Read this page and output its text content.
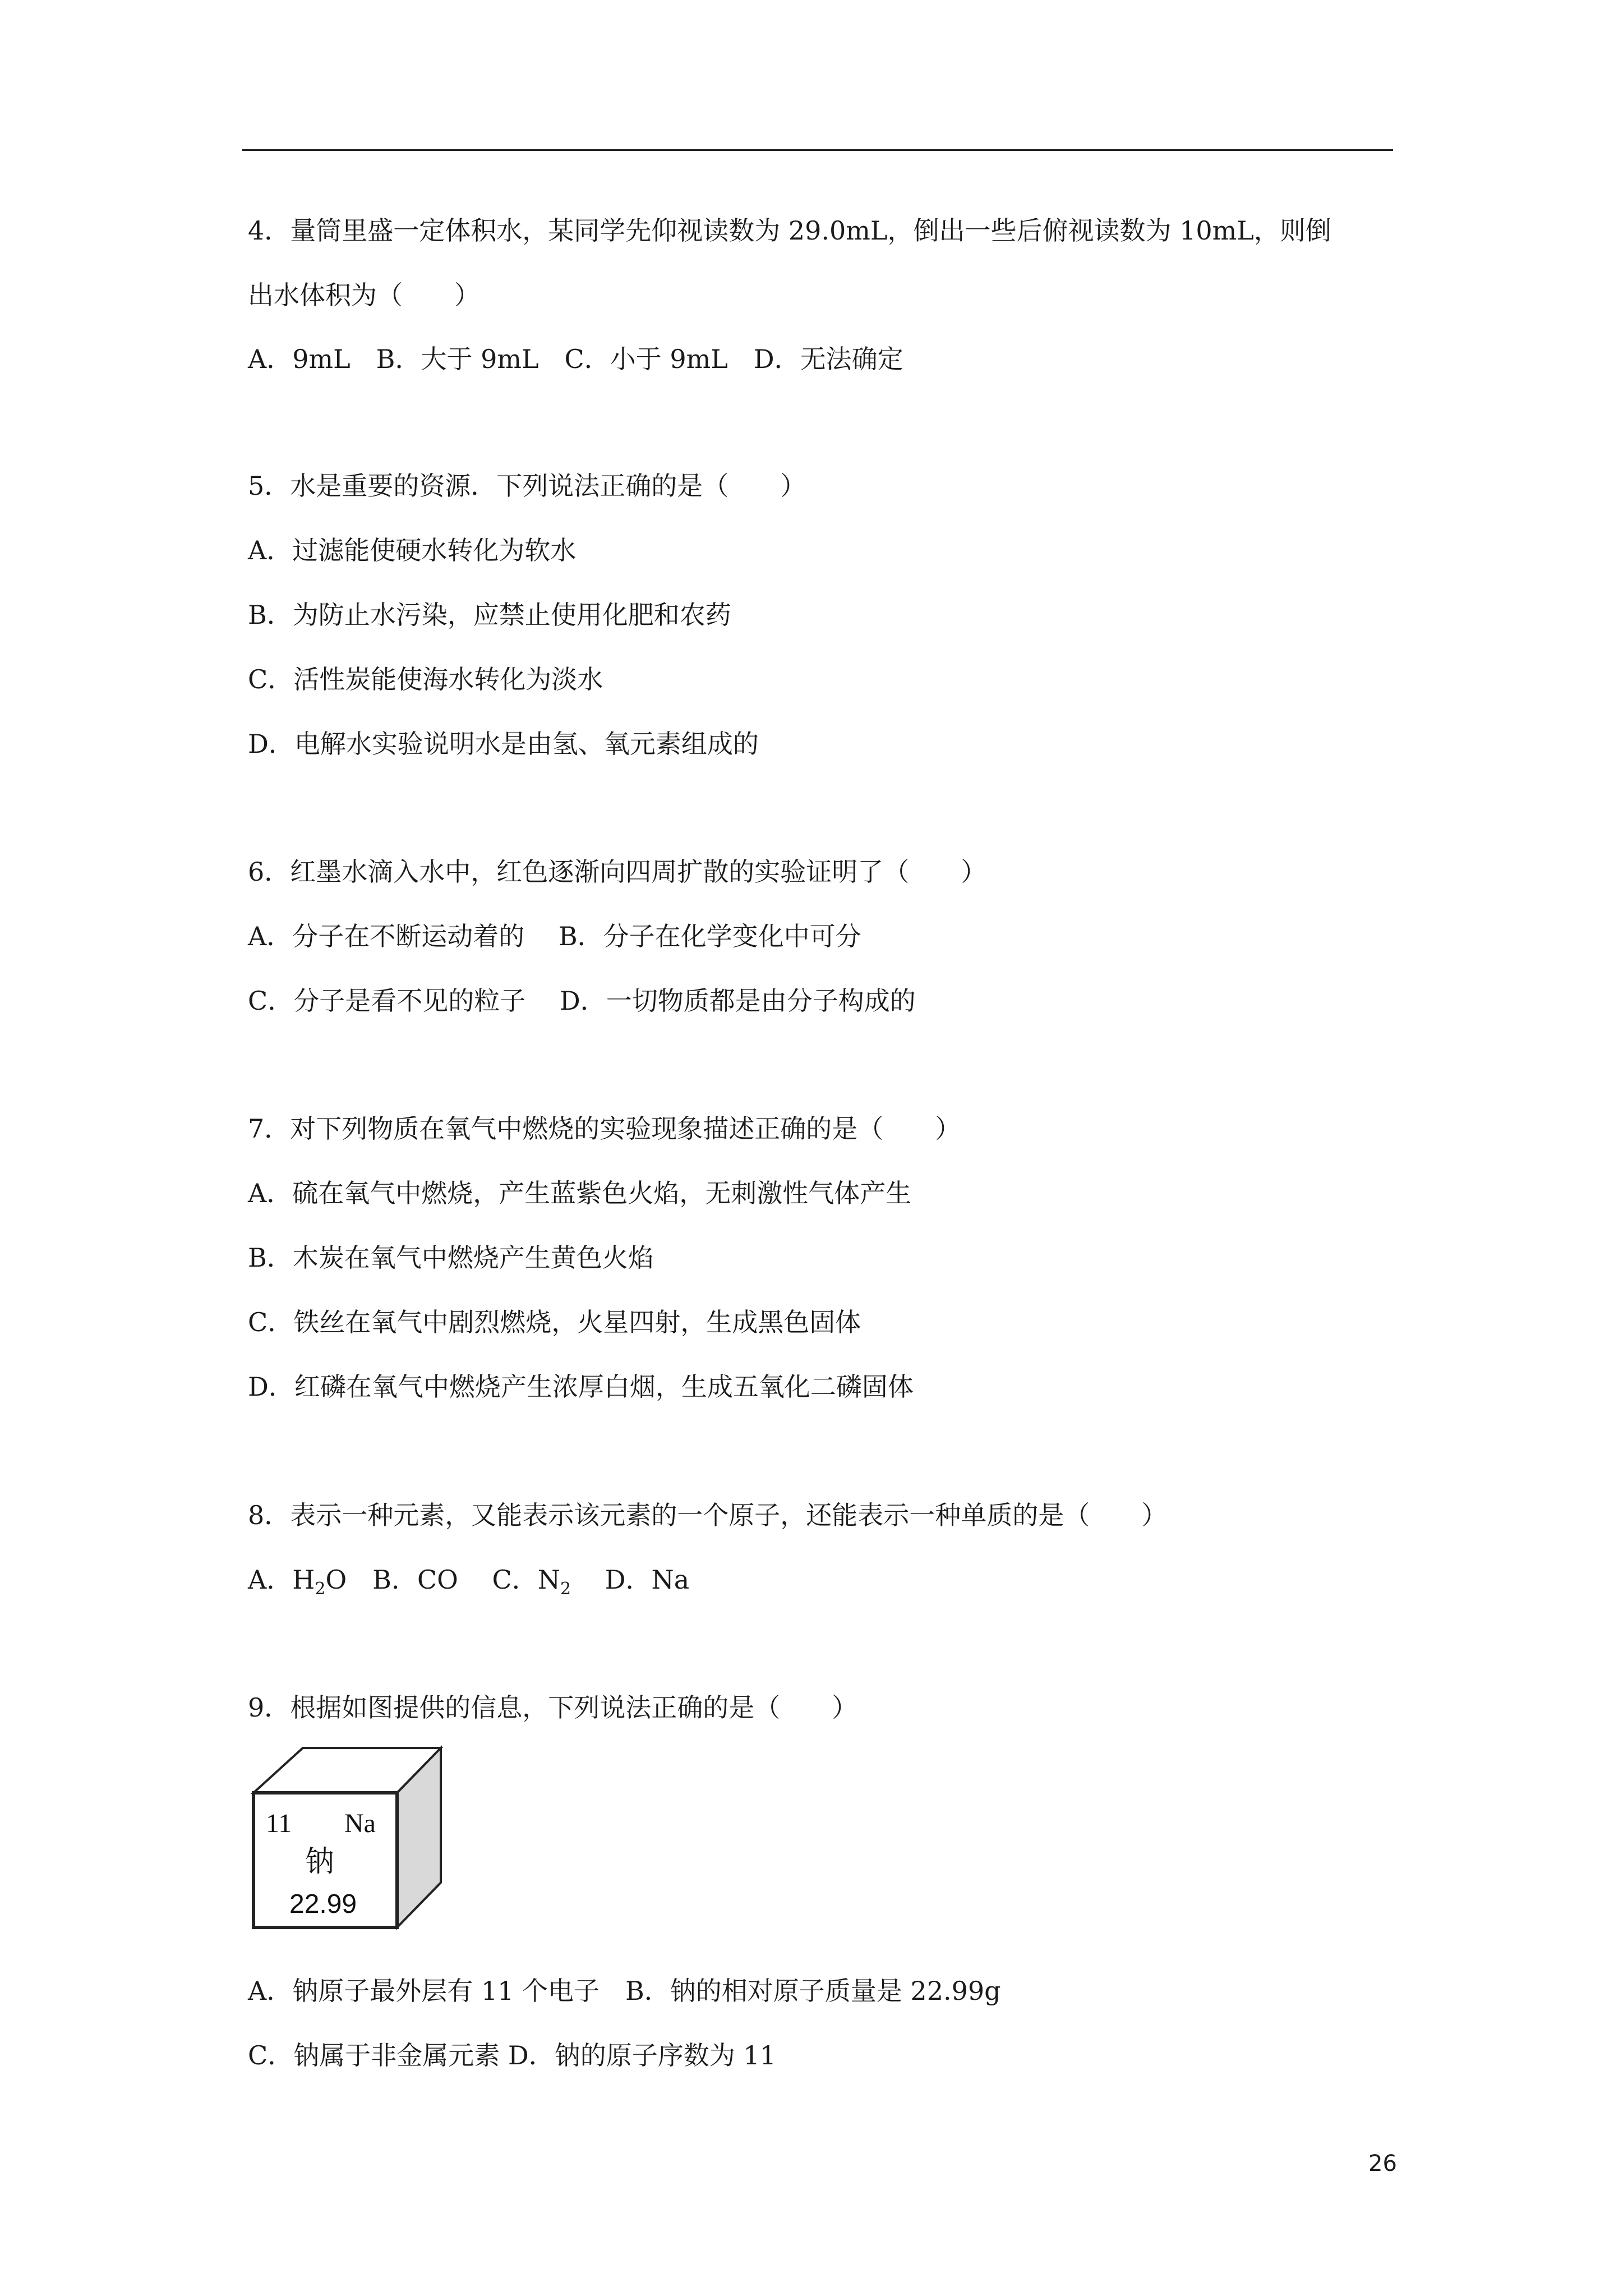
4．量筒里盛一定体积水，某同学先仰视读数为 29.0mL，倒出一些后俯视读数为 10mL，则倒
出水体积为（　　）
A．9mL　B．大于 9mL　C．小于 9mL　D．无法确定
5．水是重要的资源．下列说法正确的是（　　）
A．过滤能使硬水转化为软水
B．为防止水污染，应禁止使用化肥和农药
C．活性炭能使海水转化为淡水
D．电解水实验说明水是由氢、氧元素组成的
6．红墨水滴入水中，红色逐渐向四周扩散的实验证明了（　　）
A．分子在不断运动着的　 B．分子在化学变化中可分
C．分子是看不见的粒子　 D．一切物质都是由分子构成的
7．对下列物质在氧气中燃烧的实验现象描述正确的是（　　）
A．硫在氧气中燃烧，产生蓝紫色火焰，无刺激性气体产生
B．木炭在氧气中燃烧产生黄色火焰
C．铁丝在氧气中剧烈燃烧，火星四射，生成黑色固体
D．红磷在氧气中燃烧产生浓厚白烟，生成五氧化二磷固体
8．表示一种元素，又能表示该元素的一个原子，还能表示一种单质的是（　　）
A．$H_2O$　B．CO　 C．$N_2$　 D．Na
9．根据如图提供的信息，下列说法正确的是（　　）
11 Na
钠
22.99
A．钠原子最外层有 11 个电子　B．钠的相对原子质量是 22.99g
C．钠属于非金属元素 D．钠的原子序数为 11
26
